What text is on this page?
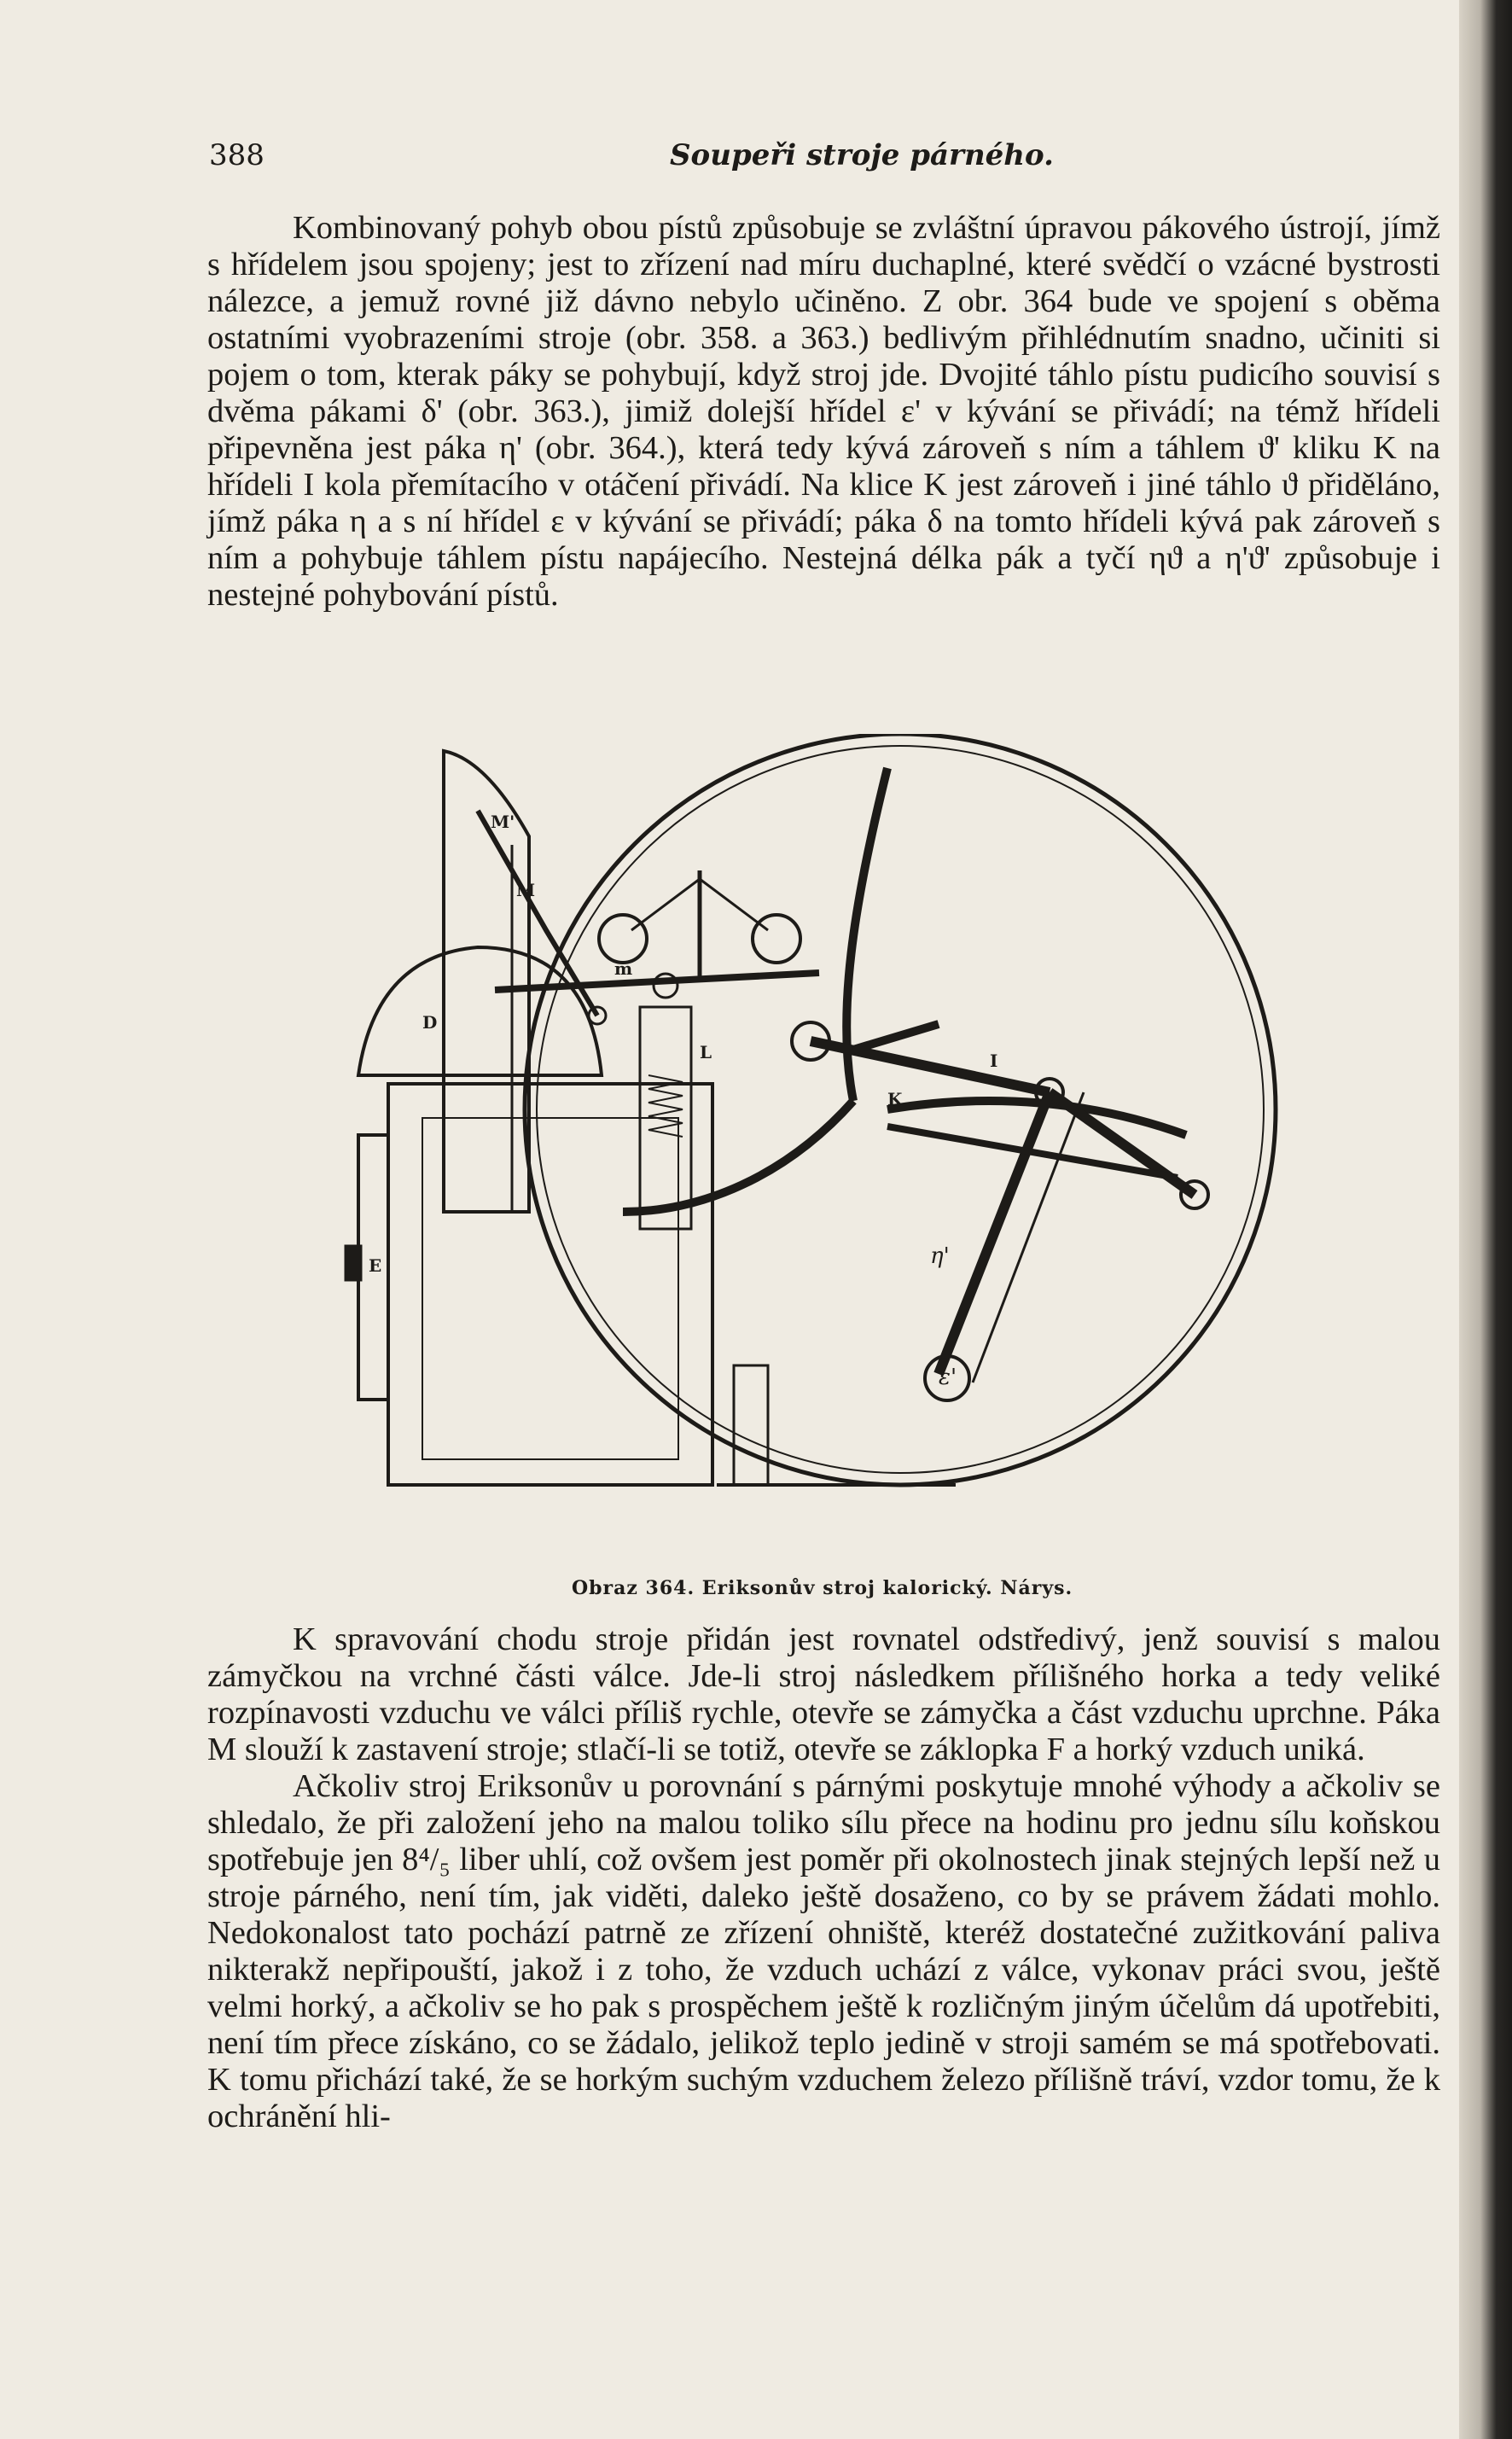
388	Soupeři stroje párného.

Kombinovaný pohyb obou pístů způsobuje se zvláštní úpravou pákového ústrojí, jímž s hřídelem jsou spojeny; jest to zřízení nad míru duchaplné, které svědčí o vzácné bystrosti nálezce, a jemuž rovné již dávno nebylo učiněno. Z obr. 364 bude ve spojení s oběma ostatními vyobrazeními stroje (obr. 358. a 363.) bedlivým přihlédnutím snadno, učiniti si pojem o tom, kterak páky se pohybují, když stroj jde. Dvojité táhlo pístu pudicího souvisí s dvěma pákami δ' (obr. 363.), jimiž dolejší hřídel ε' v kývání se přivádí; na témž hřídeli připevněna jest páka η' (obr. 364.), která tedy kývá zároveň s ním a táhlem ϑ' kliku K na hřídeli I kola přemítacího v otáčení přivádí. Na klice K jest zároveň i jiné táhlo ϑ přiděláno, jímž páka η a s ní hřídel ε v kývání se přivádí; páka δ na tomto hřídeli kývá pak zároveň s ním a pohybuje táhlem pístu napájecího. Nestejná délka pák a tyčí ηϑ a η'ϑ' způsobuje i nestejné pohybování pístů.

M'
M
D
E
m
L
K
I
η'
ε'
Obraz 364. Eriksonův stroj kalorický. Nárys.

K spravování chodu stroje přidán jest rovnatel odstředivý, jenž souvisí s malou zámyčkou na vrchné části válce. Jde-li stroj následkem přílišného horka a tedy veliké rozpínavosti vzduchu ve válci příliš rychle, otevře se zámyčka a část vzduchu uprchne. Páka M slouží k zastavení stroje; stlačí-li se totiž, otevře se záklopka F a horký vzduch uniká.

Ačkoliv stroj Eriksonův u porovnání s párnými poskytuje mnohé výhody a ačkoliv se shledalo, že při založení jeho na malou toliko sílu přece na hodinu pro jednu sílu koňskou spotřebuje jen 8⁴/₅ liber uhlí, což ovšem jest poměr při okolnostech jinak stejných lepší než u stroje párného, není tím, jak viděti, daleko ještě dosaženo, co by se právem žádati mohlo. Nedokonalost tato pochází patrně ze zřízení ohniště, kteréž dostatečné zužitkování paliva nikterakž nepřipouští, jakož i z toho, že vzduch uchází z válce, vykonav práci svou, ještě velmi horký, a ačkoliv se ho pak s prospěchem ještě k rozličným jiným účelům dá upotřebiti, není tím přece získáno, co se žádalo, jelikož teplo jedině v stroji samém se má spotřebovati. K tomu přichází také, že se horkým suchým vzduchem železo přílišně tráví, vzdor tomu, že k ochránění hli-
